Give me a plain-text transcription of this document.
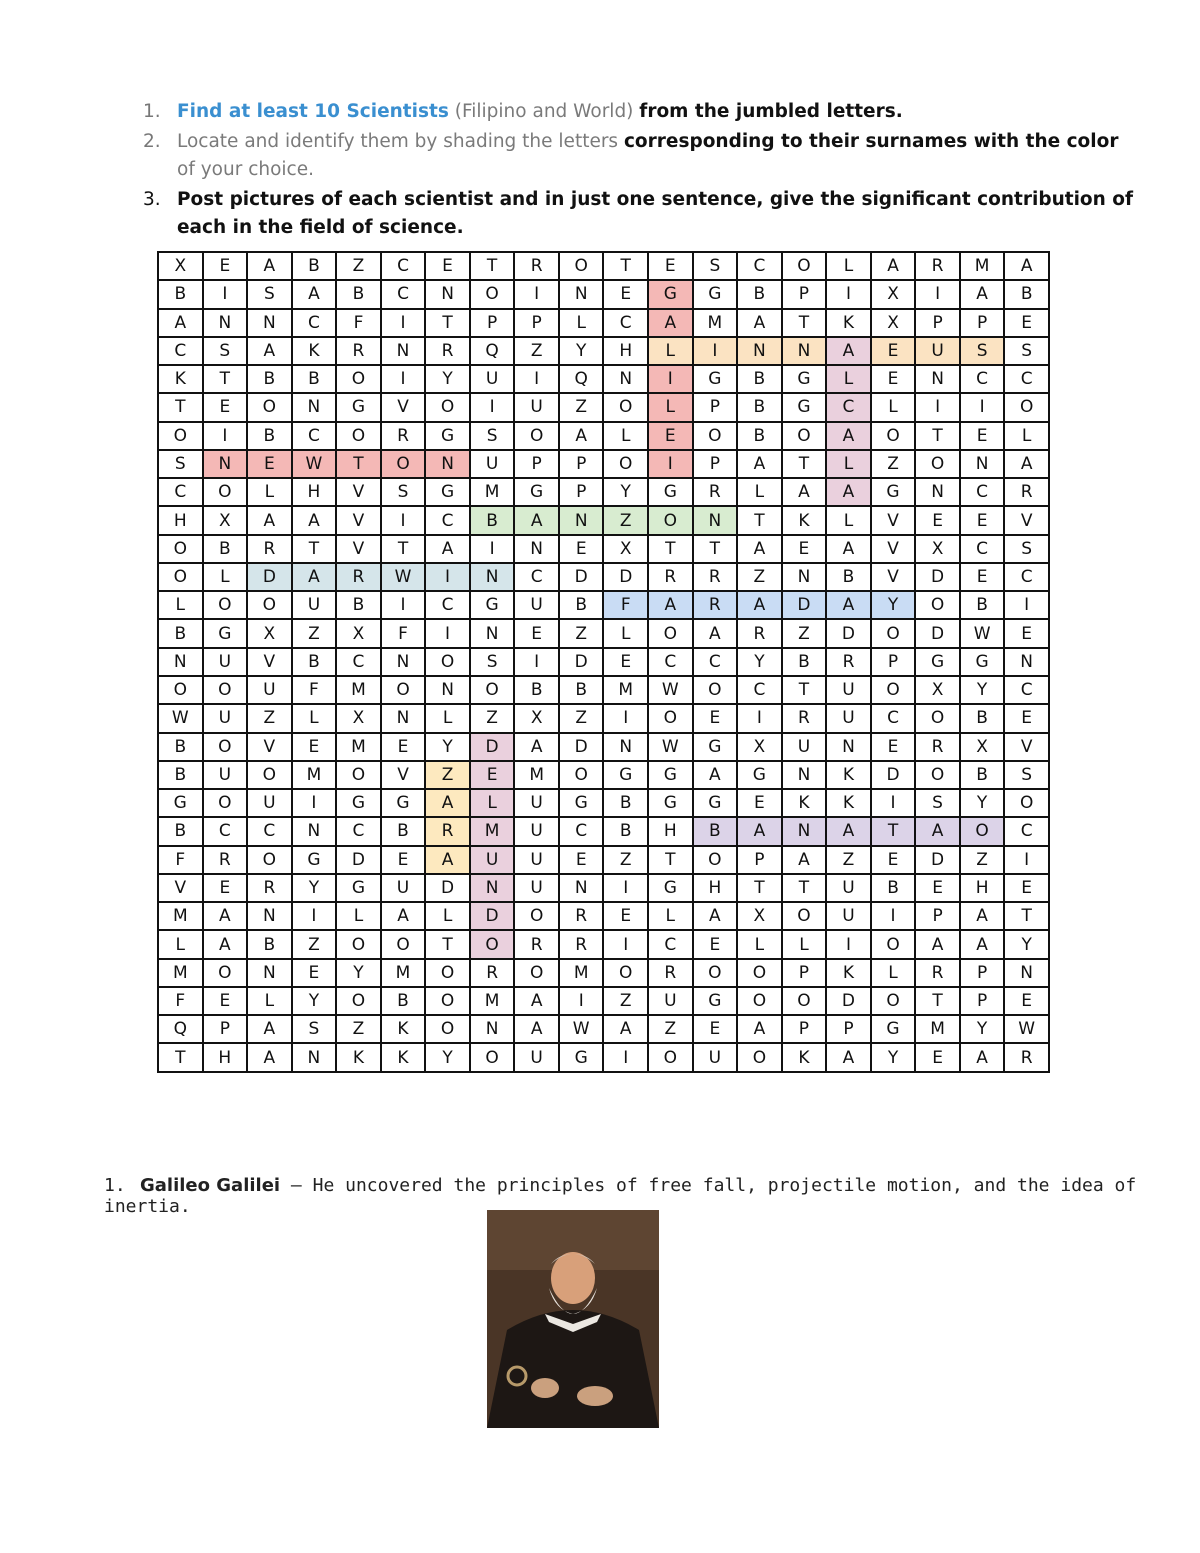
1. Find at least 10 Scientists (Filipino and World) from the jumbled letters.
2. Locate and identify them by shading the letters corresponding to their surnames with the color
of your choice.
3. Post pictures of each scientist and in just one sentence, give the significant contribution of each in the field of science.
X	E	A	B	Z	C	E	T	R	O	T	E	S	C	O	L	A	R	M	A
B	I	S	A	B	C	N	O	I	N	E	G	G	B	P	I	X	I	A	B
A	N	N	C	F	I	T	P	P	L	C	A	M	A	T	K	X	P	P	E
C	S	A	K	R	N	R	Q	Z	Y	H	L	I	N	N	A	E	U	S	S
K	T	B	B	O	I	Y	U	I	Q	N	I	G	B	G	L	E	N	C	C
T	E	O	N	G	V	O	I	U	Z	O	L	P	B	G	C	L	I	I	O
O	I	B	C	O	R	G	S	O	A	L	E	O	B	O	A	O	T	E	L
S	N	E	W	T	O	N	U	P	P	O	I	P	A	T	L	Z	O	N	A
C	O	L	H	V	S	G	M	G	P	Y	G	R	L	A	A	G	N	C	R
H	X	A	A	V	I	C	B	A	N	Z	O	N	T	K	L	V	E	E	V
O	B	R	T	V	T	A	I	N	E	X	T	T	A	E	A	V	X	C	S
O	L	D	A	R	W	I	N	C	D	D	R	R	Z	N	B	V	D	E	C
L	O	O	U	B	I	C	G	U	B	F	A	R	A	D	A	Y	O	B	I
B	G	X	Z	X	F	I	N	E	Z	L	O	A	R	Z	D	O	D	W	E
N	U	V	B	C	N	O	S	I	D	E	C	C	Y	B	R	P	G	G	N
O	O	U	F	M	O	N	O	B	B	M	W	O	C	T	U	O	X	Y	C
W	U	Z	L	X	N	L	Z	X	Z	I	O	E	I	R	U	C	O	B	E
B	O	V	E	M	E	Y	D	A	D	N	W	G	X	U	N	E	R	X	V
B	U	O	M	O	V	Z	E	M	O	G	G	A	G	N	K	D	O	B	S
G	O	U	I	G	G	A	L	U	G	B	G	G	E	K	K	I	S	Y	O
B	C	C	N	C	B	R	M	U	C	B	H	B	A	N	A	T	A	O	C
F	R	O	G	D	E	A	U	U	E	Z	T	O	P	A	Z	E	D	Z	I
V	E	R	Y	G	U	D	N	U	N	I	G	H	T	T	U	B	E	H	E
M	A	N	I	L	A	L	D	O	R	E	L	A	X	O	U	I	P	A	T
L	A	B	Z	O	O	T	O	R	R	I	C	E	L	L	I	O	A	A	Y
M	O	N	E	Y	M	O	R	O	M	O	R	O	O	P	K	L	R	P	N
F	E	L	Y	O	B	O	M	A	I	Z	U	G	O	O	D	O	T	P	E
Q	P	A	S	Z	K	O	N	A	W	A	Z	E	A	P	P	G	M	Y	W
T	H	A	N	K	K	Y	O	U	G	I	O	U	O	K	A	Y	E	A	R
1. Galileo Galilei – He uncovered the principles of free fall, projectile motion, and the idea of inertia.
